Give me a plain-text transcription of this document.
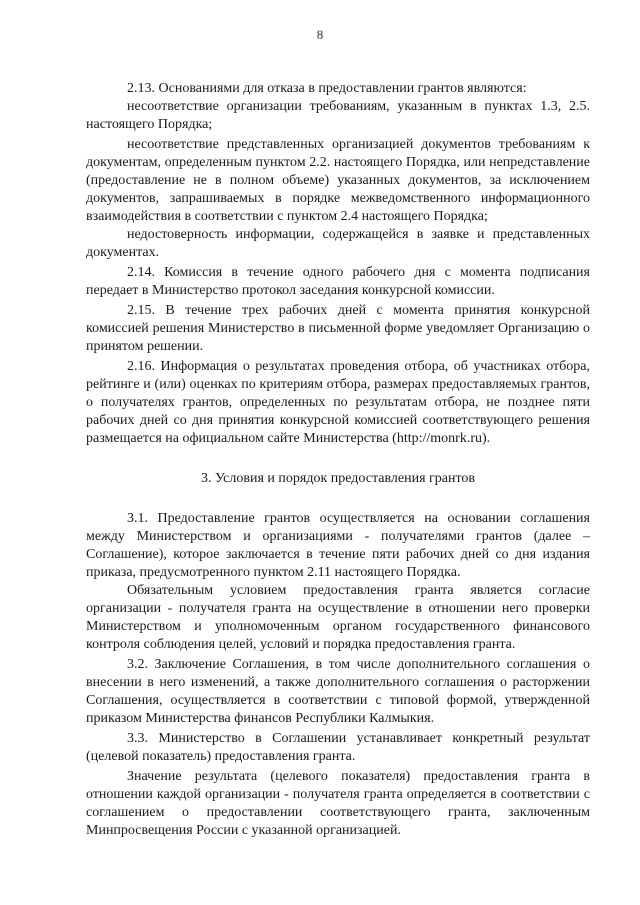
8

2.13. Основаниями для отказа в предоставлении грантов являются:

несоответствие организации требованиям, указанным в пунктах 1.3, 2.5. настоящего Порядка;

несоответствие представленных организацией документов требованиям к документам, определенным пунктом 2.2. настоящего Порядка, или непредставление (предоставление не в полном объеме) указанных документов, за исключением документов, запрашиваемых в порядке межведомственного информационного взаимодействия в соответствии с пунктом 2.4 настоящего Порядка;

недостоверность информации, содержащейся в заявке и представленных документах.

2.14. Комиссия в течение одного рабочего дня с момента подписания передает в Министерство протокол заседания конкурсной комиссии.

2.15. В течение трех рабочих дней с момента принятия конкурсной комиссией решения Министерство в письменной форме уведомляет Организацию о принятом решении.

2.16. Информация о результатах проведения отбора, об участниках отбора, рейтинге и (или) оценках по критериям отбора, размерах предоставляемых грантов, о получателях грантов, определенных по результатам отбора, не позднее пяти рабочих дней со дня принятия конкурсной комиссией соответствующего решения размещается на официальном сайте Министерства (http://monrk.ru).

3. Условия и порядок предоставления грантов

3.1. Предоставление грантов осуществляется на основании соглашения между Министерством и организациями - получателями грантов (далее – Соглашение), которое заключается в течение пяти рабочих дней со дня издания приказа, предусмотренного пунктом 2.11 настоящего Порядка.

Обязательным условием предоставления гранта является согласие организации - получателя гранта на осуществление в отношении него проверки Министерством и уполномоченным органом государственного финансового контроля соблюдения целей, условий и порядка предоставления гранта.

3.2. Заключение Соглашения, в том числе дополнительного соглашения о внесении в него изменений, а также дополнительного соглашения о расторжении Соглашения, осуществляется в соответствии с типовой формой, утвержденной приказом Министерства финансов Республики Калмыкия.

3.3. Министерство в Соглашении устанавливает конкретный результат (целевой показатель) предоставления гранта.

Значение результата (целевого показателя) предоставления гранта в отношении каждой организации - получателя гранта определяется в соответствии с соглашением о предоставлении соответствующего гранта, заключенным Минпросвещения России с указанной организацией.
